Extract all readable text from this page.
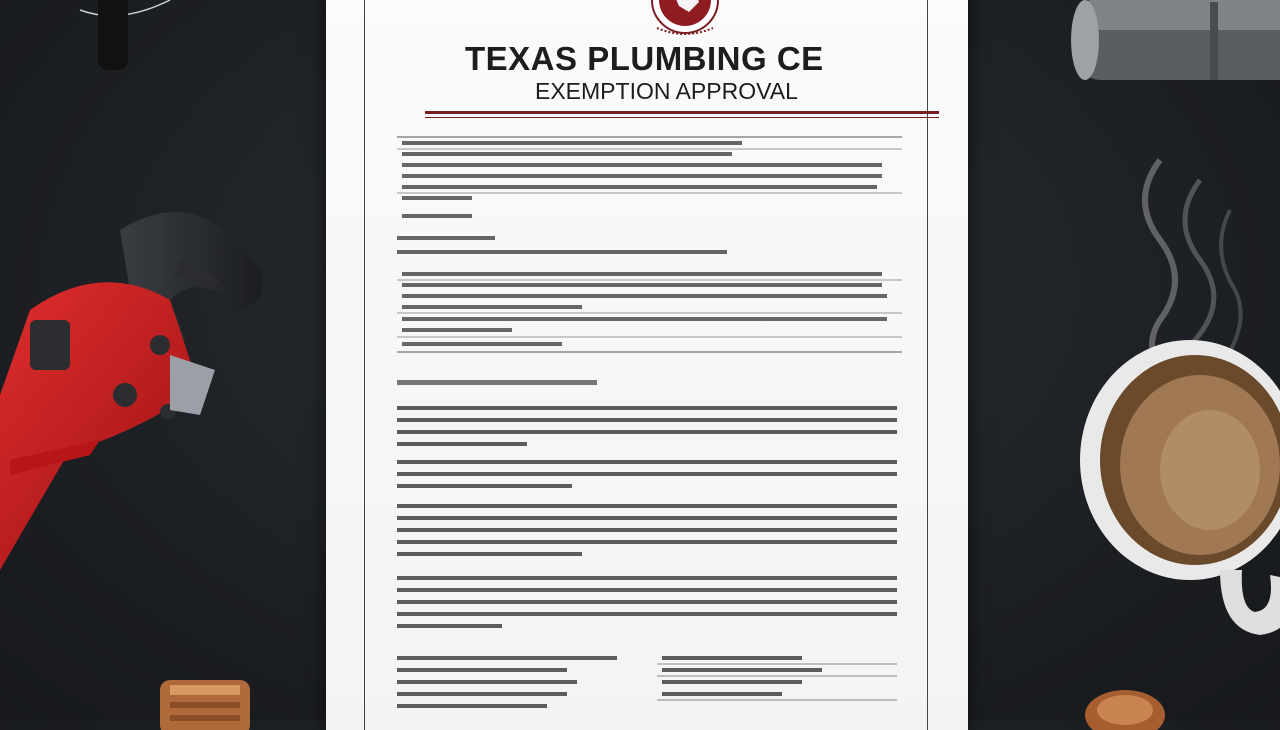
TEXAS PLUMBING CE
EXEMPTION APPROVAL
